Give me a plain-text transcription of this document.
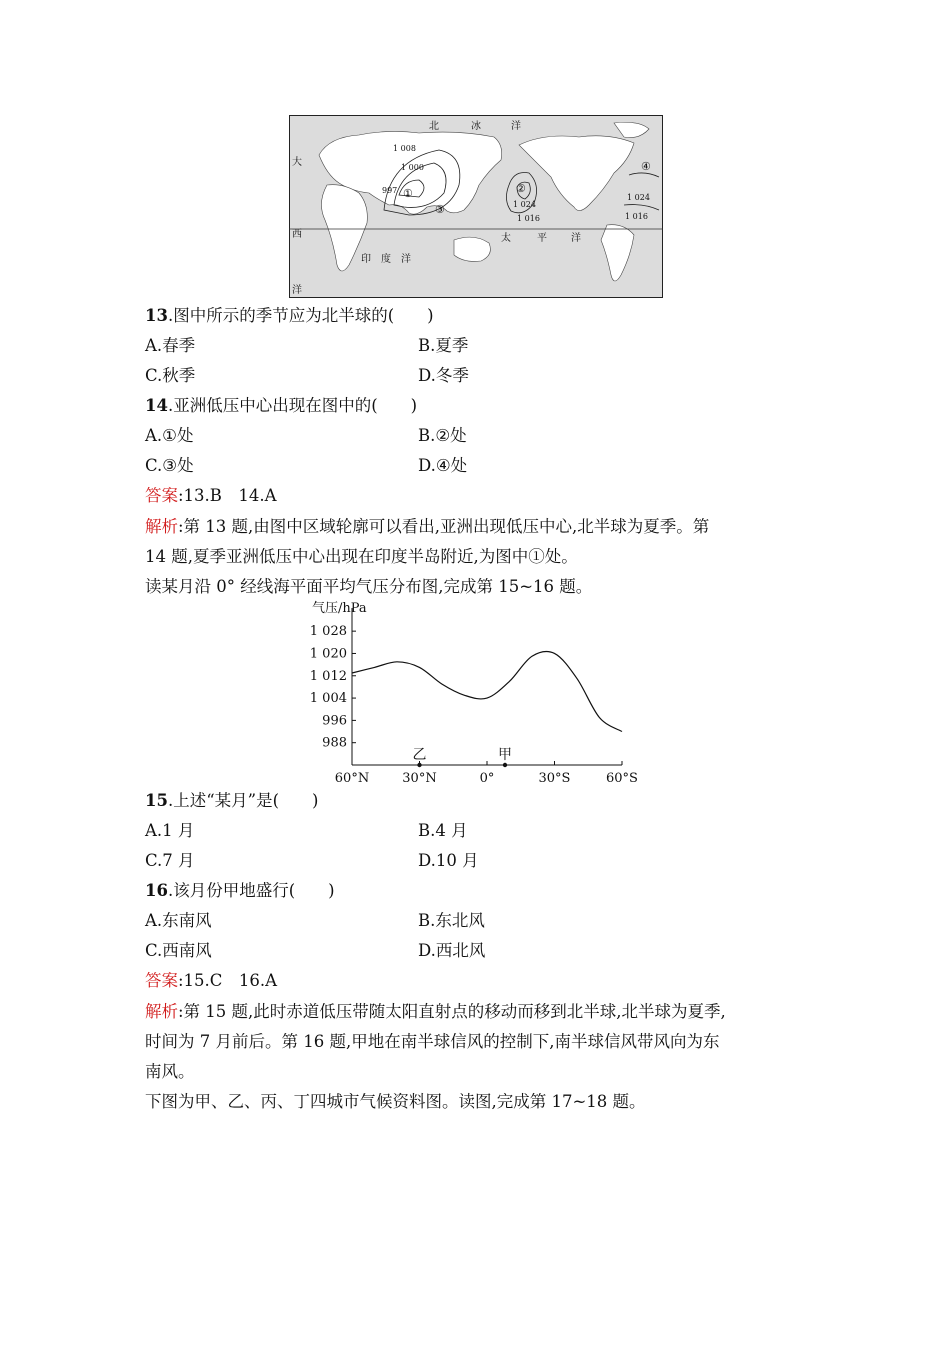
北	冰	洋
太	平 洋
印 度 洋
大
西
洋
1 008
1 000
997
1 024
1 016
1 024
1 016
①	②
③
④
13.图中所示的季节应为北半球的(　　)
A.春季	B.夏季
C.秋季	D.冬季
14.亚洲低压中心出现在图中的(　　)
A.①处	B.②处
C.③处	D.④处
答案:13.B　14.A
解析:第 13 题,由图中区域轮廓可以看出,亚洲出现低压中心,北半球为夏季。第
14 题,夏季亚洲低压中心出现在印度半岛附近,为图中①处。
读某月沿 0° 经线海平面平均气压分布图,完成第 15~16 题。
气压/hPa
1 028
1 020
1 012
1 004
996
988
60°N	30°N	0°	30°S	60°S
乙	甲
15.上述“某月”是(　　)
A.1 月	B.4 月
C.7 月	D.10 月
16.该月份甲地盛行(　　)
A.东南风	B.东北风
C.西南风	D.西北风
答案:15.C　16.A
解析:第 15 题,此时赤道低压带随太阳直射点的移动而移到北半球,北半球为夏季,
时间为 7 月前后。第 16 题,甲地在南半球信风的控制下,南半球信风带风向为东
南风。
下图为甲、乙、丙、丁四城市气候资料图。读图,完成第 17~18 题。
